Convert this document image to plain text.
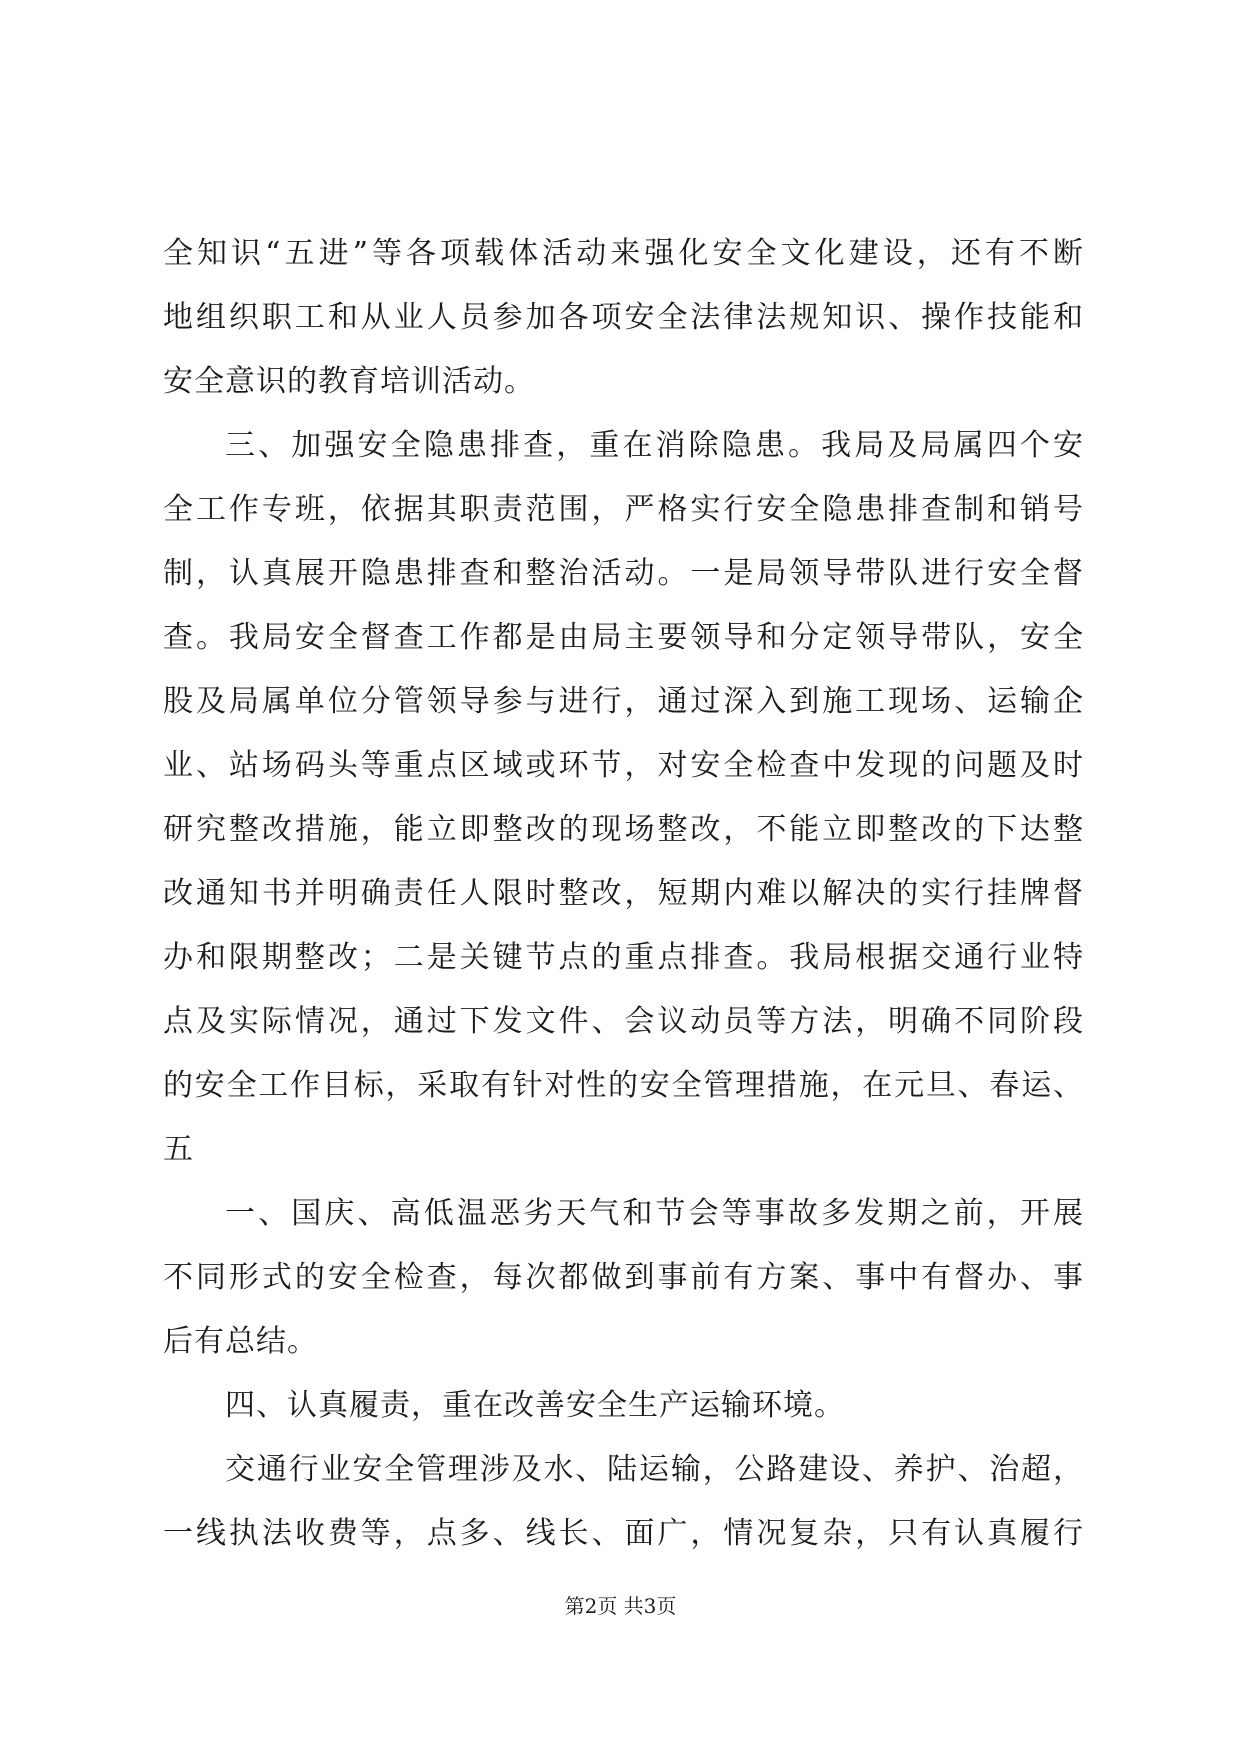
全知识“五进”等各项载体活动来强化安全文化建设，还有不断
地组织职工和从业人员参加各项安全法律法规知识、操作技能和
安全意识的教育培训活动。
三、加强安全隐患排查，重在消除隐患。我局及局属四个安
全工作专班，依据其职责范围，严格实行安全隐患排查制和销号
制，认真展开隐患排查和整治活动。一是局领导带队进行安全督
查。我局安全督查工作都是由局主要领导和分定领导带队，安全
股及局属单位分管领导参与进行，通过深入到施工现场、运输企
业、站场码头等重点区域或环节，对安全检查中发现的问题及时
研究整改措施，能立即整改的现场整改，不能立即整改的下达整
改通知书并明确责任人限时整改，短期内难以解决的实行挂牌督
办和限期整改；二是关键节点的重点排查。我局根据交通行业特
点及实际情况，通过下发文件、会议动员等方法，明确不同阶段
的安全工作目标，采取有针对性的安全管理措施，在元旦、春运、
五
一、国庆、高低温恶劣天气和节会等事故多发期之前，开展
不同形式的安全检查，每次都做到事前有方案、事中有督办、事
后有总结。
四、认真履责，重在改善安全生产运输环境。
交通行业安全管理涉及水、陆运输，公路建设、养护、治超，
一线执法收费等，点多、线长、面广，情况复杂，只有认真履行
第2页 共3页
